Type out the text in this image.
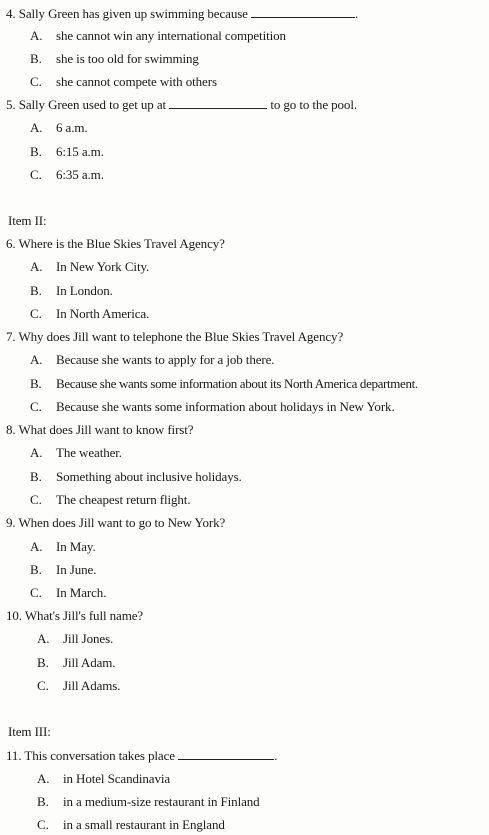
4. Sally Green has given up swimming because	.
A. she cannot win any international competition
B. she is too old for swimming
C. she cannot compete with others
5. Sally Green used to get up at	to go to the pool.
A. 6 a.m.
B. 6:15 a.m.
C. 6:35 a.m.
Item II:
6. Where is the Blue Skies Travel Agency?
A. In New York City.
B. In London.
C. In North America.
7. Why does Jill want to telephone the Blue Skies Travel Agency?
A. Because she wants to apply for a job there.
B. Because she wants some information about its North America department.
C. Because she wants some information about holidays in New York.
8. What does Jill want to know first?
A. The weather.
B. Something about inclusive holidays.
C. The cheapest return flight.
9. When does Jill want to go to New York?
A. In May.
B. In June.
C. In March.
10. What's Jill's full name?
A. Jill Jones.
B. Jill Adam.
C. Jill Adams.
Item III:
11. This conversation takes place	.
A. in Hotel Scandinavia
B. in a medium-size restaurant in Finland
C. in a small restaurant in England
